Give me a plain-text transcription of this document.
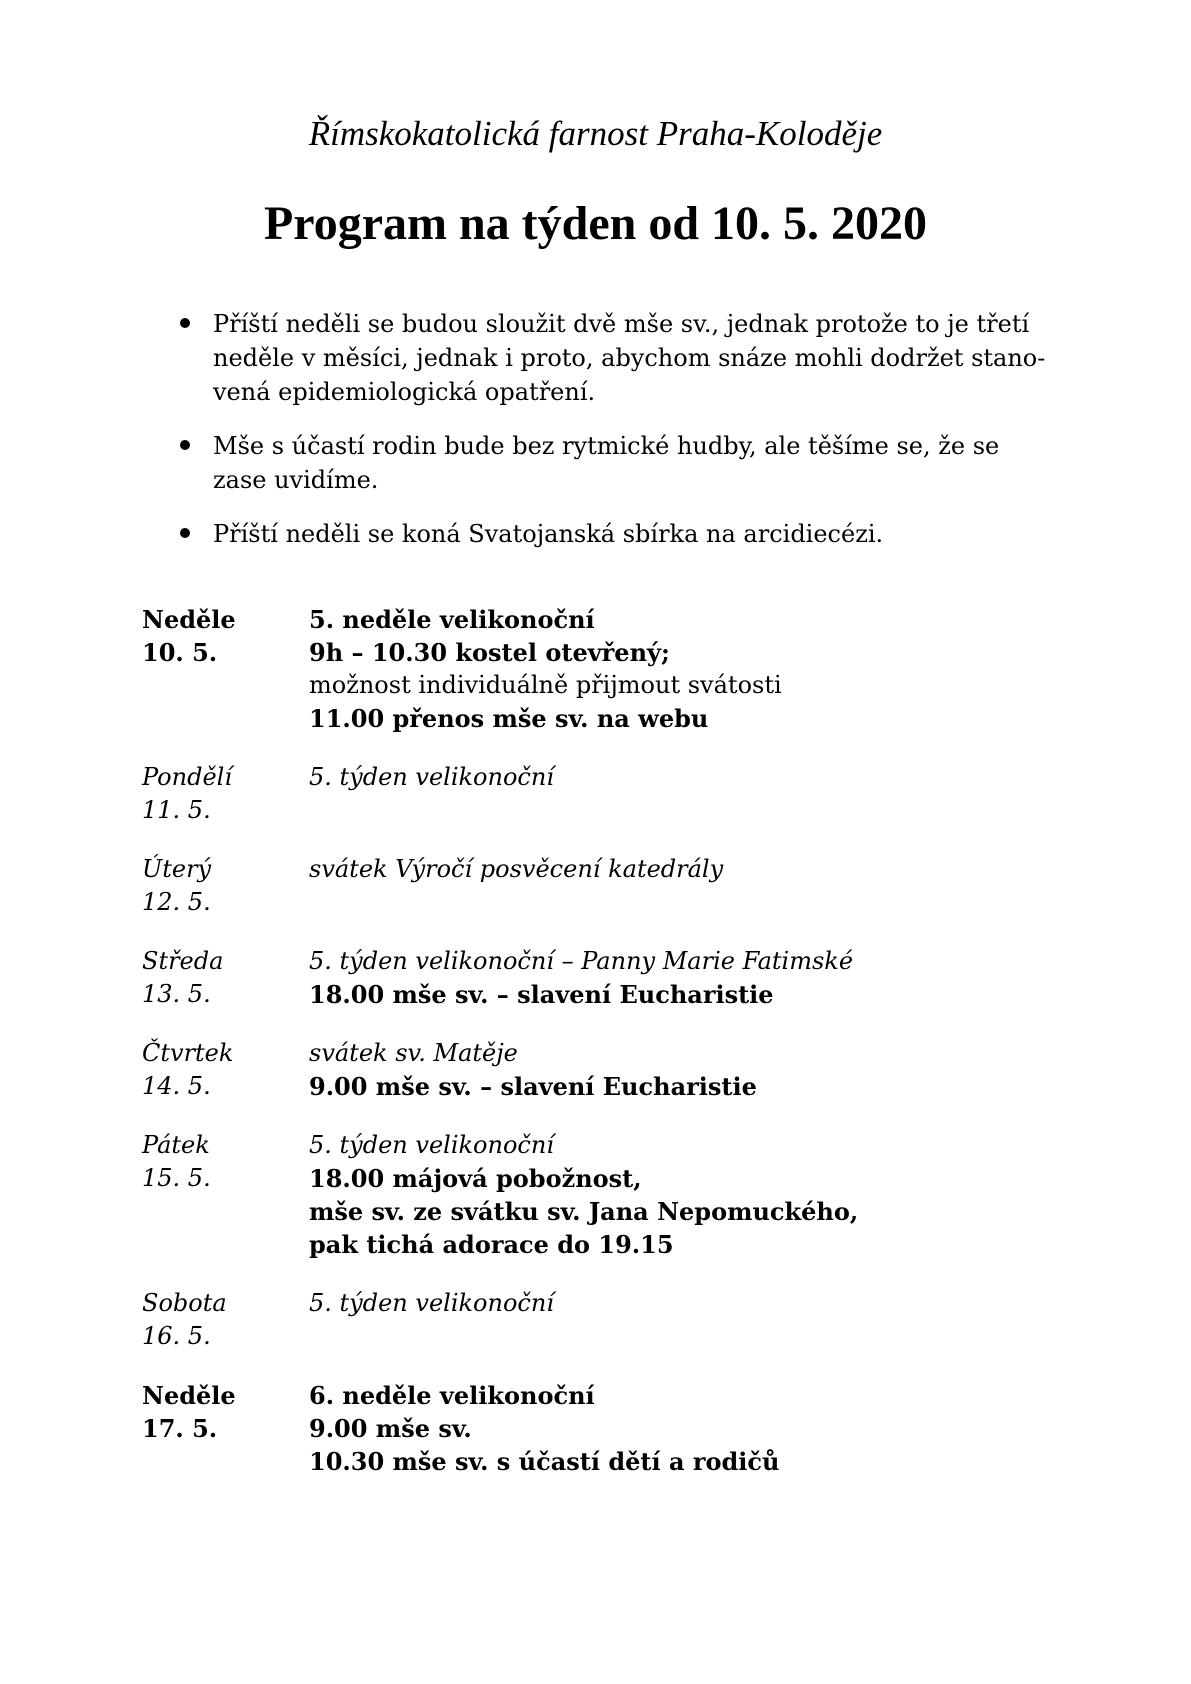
Římskokatolická farnost Praha-Koloděje
Program na týden od 10. 5. 2020
Příští neděli se budou sloužit dvě mše sv., jednak protože to je třetí
neděle v měsíci, jednak i proto, abychom snáze mohli dodržet stano-
vená epidemiologická opatření.
Mše s účastí rodin bude bez rytmické hudby, ale těšíme se, že se
zase uvidíme.
Příští neděli se koná Svatojanská sbírka na arcidiecézi.
Neděle
10. 5.
5. neděle velikonoční
9h – 10.30 kostel otevřený;
možnost individuálně přijmout svátosti
11.00 přenos mše sv. na webu
Pondělí
11. 5.
5. týden velikonoční
Úterý
12. 5.
svátek Výročí posvěcení katedrály
Středa
13. 5.
5. týden velikonoční – Panny Marie Fatimské
18.00 mše sv. – slavení Eucharistie
Čtvrtek
14. 5.
svátek sv. Matěje
9.00 mše sv. – slavení Eucharistie
Pátek
15. 5.
5. týden velikonoční
18.00 májová pobožnost,
mše sv. ze svátku sv. Jana Nepomuckého,
pak tichá adorace do 19.15
Sobota
16. 5.
5. týden velikonoční
Neděle
17. 5.
6. neděle velikonoční
9.00 mše sv.
10.30 mše sv. s účastí dětí a rodičů
